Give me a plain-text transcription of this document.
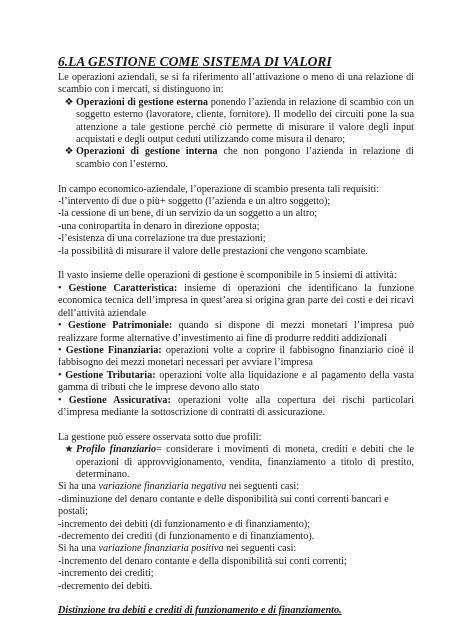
6.LA GESTIONE COME SISTEMA DI VALORI

Le operazioni aziendali, se si fa riferimento all’attivazione o meno di una relazione di scambio con i mercati, si distinguono in:

❖ Operazioni di gestione esterna ponendo l’azienda in relazione di scambio con un soggetto esterno (lavoratore, cliente, fornitore). Il modello dei circuiti pone la sua attenzione a tale gestione perché ciò permette di misurare il valore degli input acquistati e degli output ceduti utilizzando come misura il denaro;
❖ Operazioni di gestione interna che non pongono l’azienda in relazione di scambio con l’esterno.

In campo economico-aziendale, l’operazione di scambio presenta tali requisiti:

-l’intervento di due o più+ soggetto (l’azienda e un altro soggetto);
-la cessione di un bene, di un servizio da un soggetto a un altro;
-una contropartita in denaro in direzione opposta;
-l’esistenza di una correlazione tra due prestazioni;
-la possibilità di misurare il valore delle prestazioni che vengono scambiate.

Il vasto insieme delle operazioni di gestione è scomponibile in 5 insiemi di attività:

• Gestione Caratteristica: insieme di operazioni che identificano la funzione economica tecnica dell’impresa in quest’area si origina gran parte dei costi e dei ricavi dell’attività aziendale

• Gestione Patrimoniale: quando si dispone di mezzi monetari l’impresa può realizzare forme alternative d’investimento ai fine di produrre redditi addizionali

• Gestione Finanziaria: operazioni volte a coprire il fabbisogno finanziario cioè il fabbisogno dei mezzi monetari necessari per avviare l’impresa

• Gestione Tributaria: operazioni volte alla liquidazione e al pagamento della vasta gamma di tributi che le imprese devono allo stato

• Gestione Assicurativa: operazioni volte alla copertura dei rischi particolari d’impresa mediante la sottoscrizione di contratti di assicurazione.

La gestione può essere osservata sotto due profili:

★ Profilo finanziario= considerare i movimenti di moneta, crediti e debiti che le operazioni di approvvigionamento, vendita, finanziamento a titolo di prestito, determinano.

Si ha una variazione finanziaria negativa nei seguenti casi:

-diminuzione del denaro contante e delle disponibilità sui conti correnti bancari e postali;
-incremento dei debiti (di funzionamento e di finanziamento);
-decremento dei crediti (di funzionamento e di finanziamento).

Si ha una variazione finanziaria positiva nei seguenti casi:

-incremento del denaro contante e della disponibilità sui conti correnti;
-incremento dei crediti;
-decremento dei debiti.

Distinzione tra debiti e crediti di funzionamento e di finanziamento.
